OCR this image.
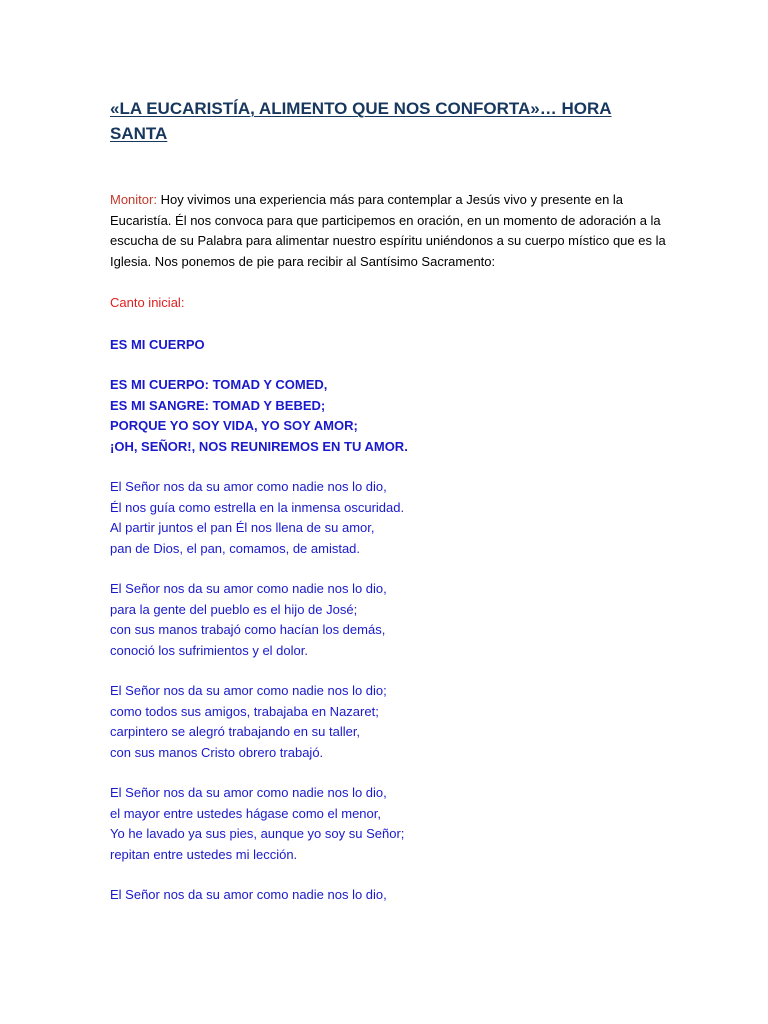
«LA EUCARISTÍA, ALIMENTO QUE NOS CONFORTA»… HORA SANTA

Monitor: Hoy vivimos una experiencia más para contemplar a Jesús vivo y presente en la Eucaristía. Él nos convoca para que participemos en oración, en un momento de adoración a la escucha de su Palabra para alimentar nuestro espíritu uniéndonos a su cuerpo místico que es la Iglesia. Nos ponemos de pie para recibir al Santísimo Sacramento:

Canto inicial:

ES MI CUERPO

ES MI CUERPO: TOMAD Y COMED,
ES MI SANGRE: TOMAD Y BEBED;
PORQUE YO SOY VIDA, YO SOY AMOR;
¡OH, SEÑOR!, NOS REUNIREMOS EN TU AMOR.
El Señor nos da su amor como nadie nos lo dio,
Él nos guía como estrella en la inmensa oscuridad.
Al partir juntos el pan Él nos llena de su amor,
pan de Dios, el pan, comamos, de amistad.
El Señor nos da su amor como nadie nos lo dio,
para la gente del pueblo es el hijo de José;
con sus manos trabajó como hacían los demás,
conoció los sufrimientos y el dolor.
El Señor nos da su amor como nadie nos lo dio;
como todos sus amigos, trabajaba en Nazaret;
carpintero se alegró trabajando en su taller,
con sus manos Cristo obrero trabajó.
El Señor nos da su amor como nadie nos lo dio,
el mayor entre ustedes hágase como el menor,
Yo he lavado ya sus pies, aunque yo soy su Señor;
repitan entre ustedes mi lección.
El Señor nos da su amor como nadie nos lo dio,
